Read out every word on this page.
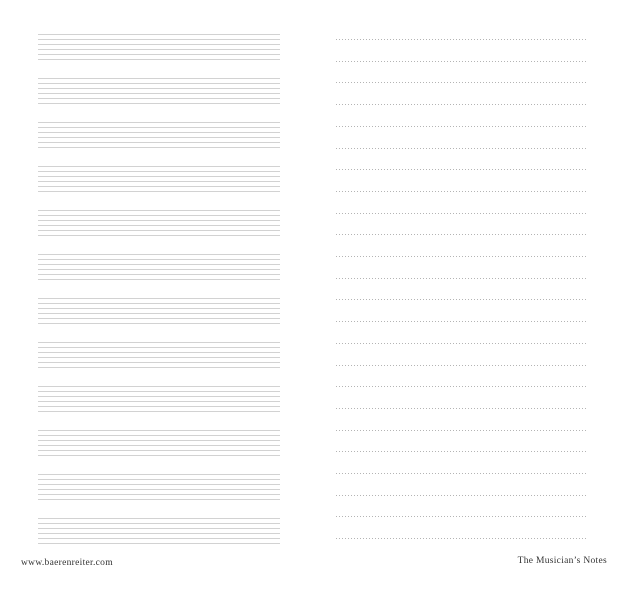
www.baerenreiter.com	The Musician’s Notes
